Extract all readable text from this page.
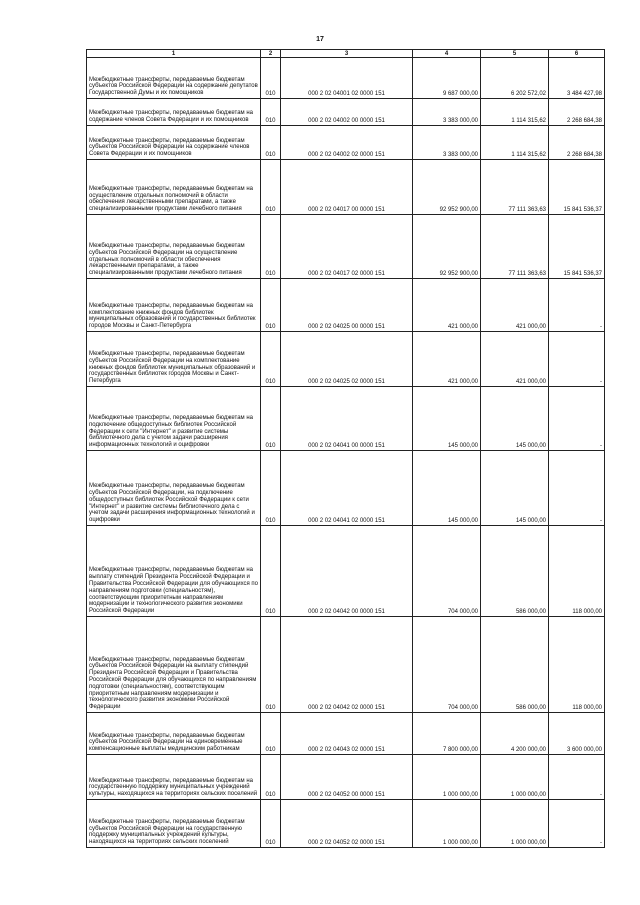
17
1	2	3	4	5	6
Межбюджетные трансферты, передаваемые бюджетам субъектов Российской Федерации на содержание депутатов Государственной Думы и их помощников	010	000 2 02 04001 02 0000 151	9 687 000,00	6 202 572,02	3 484 427,98
Межбюджетные трансферты, передаваемые бюджетам на содержание членов Совета Федерации и их помощников	010	000 2 02 04002 00 0000 151	3 383 000,00	1 114 315,62	2 268 684,38
Межбюджетные трансферты, передаваемые бюджетам субъектов Российской Федерации на содержание членов Совета Федерации и их помощников	010	000 2 02 04002 02 0000 151	3 383 000,00	1 114 315,62	2 268 684,38
Межбюджетные трансферты, передаваемые бюджетам на осуществление отдельных полномочий в области обеспечения лекарственными препаратами, а также специализированными продуктами лечебного питания	010	000 2 02 04017 00 0000 151	92 952 900,00	77 111 363,63	15 841 536,37
Межбюджетные трансферты, передаваемые бюджетам субъектов Российской Федерации на осуществление отдельных полномочий в области обеспечения лекарственными препаратами, а также специализированными продуктами лечебного питания	010	000 2 02 04017 02 0000 151	92 952 900,00	77 111 363,63	15 841 536,37
Межбюджетные трансферты, передаваемые бюджетам на комплектование книжных фондов библиотек муниципальных образований и государственных библиотек городов Москвы и Санкт-Петербурга	010	000 2 02 04025 00 0000 151	421 000,00	421 000,00	-
Межбюджетные трансферты, передаваемые бюджетам субъектов Российской Федерации на комплектование книжных фондов библиотек муниципальных образований и государственных библиотек городов Москвы и Санкт-Петербурга	010	000 2 02 04025 02 0000 151	421 000,00	421 000,00	-
Межбюджетные трансферты, передаваемые бюджетам на подключение общедоступных библиотек Российской Федерации к сети "Интернет" и развитие системы библиотечного дела с учетом задачи расширения информационных технологий и оцифровки	010	000 2 02 04041 00 0000 151	145 000,00	145 000,00	-
Межбюджетные трансферты, передаваемые бюджетам субъектов Российской Федерации, на подключение общедоступных библиотек Российской Федерации к сети "Интернет" и развитие системы библиотечного дела с учетом задачи расширения информационных технологий и оцифровки	010	000 2 02 04041 02 0000 151	145 000,00	145 000,00	-
Межбюджетные трансферты, передаваемые бюджетам на выплату стипендий Президента Российской Федерации и Правительства Российской Федерации для обучающихся по направлениям подготовки (специальностям), соответствующим приоритетным направлениям модернизации и технологического развития экономики Российской Федерации	010	000 2 02 04042 00 0000 151	704 000,00	586 000,00	118 000,00
Межбюджетные трансферты, передаваемые бюджетам субъектов Российской Федерации на выплату стипендий Президента Российской Федерации и Правительства Российской Федерации для обучающихся по направлениям подготовки (специальностям), соответствующим приоритетным направлениям модернизации и технологического развития экономики Российской Федерации	010	000 2 02 04042 02 0000 151	704 000,00	586 000,00	118 000,00
Межбюджетные трансферты, передаваемые бюджетам субъектов Российской Федерации на единовременные компенсационные выплаты медицинским работникам	010	000 2 02 04043 02 0000 151	7 800 000,00	4 200 000,00	3 600 000,00
Межбюджетные трансферты, передаваемые бюджетам на государственную поддержку муниципальных учреждений культуры, находящихся на территориях сельских поселений	010	000 2 02 04052 00 0000 151	1 000 000,00	1 000 000,00	-
Межбюджетные трансферты, передаваемые бюджетам субъектов Российской Федерации на государственную поддержку муниципальных учреждений культуры, находящихся на территориях сельских поселений	010	000 2 02 04052 02 0000 151	1 000 000,00	1 000 000,00	-
